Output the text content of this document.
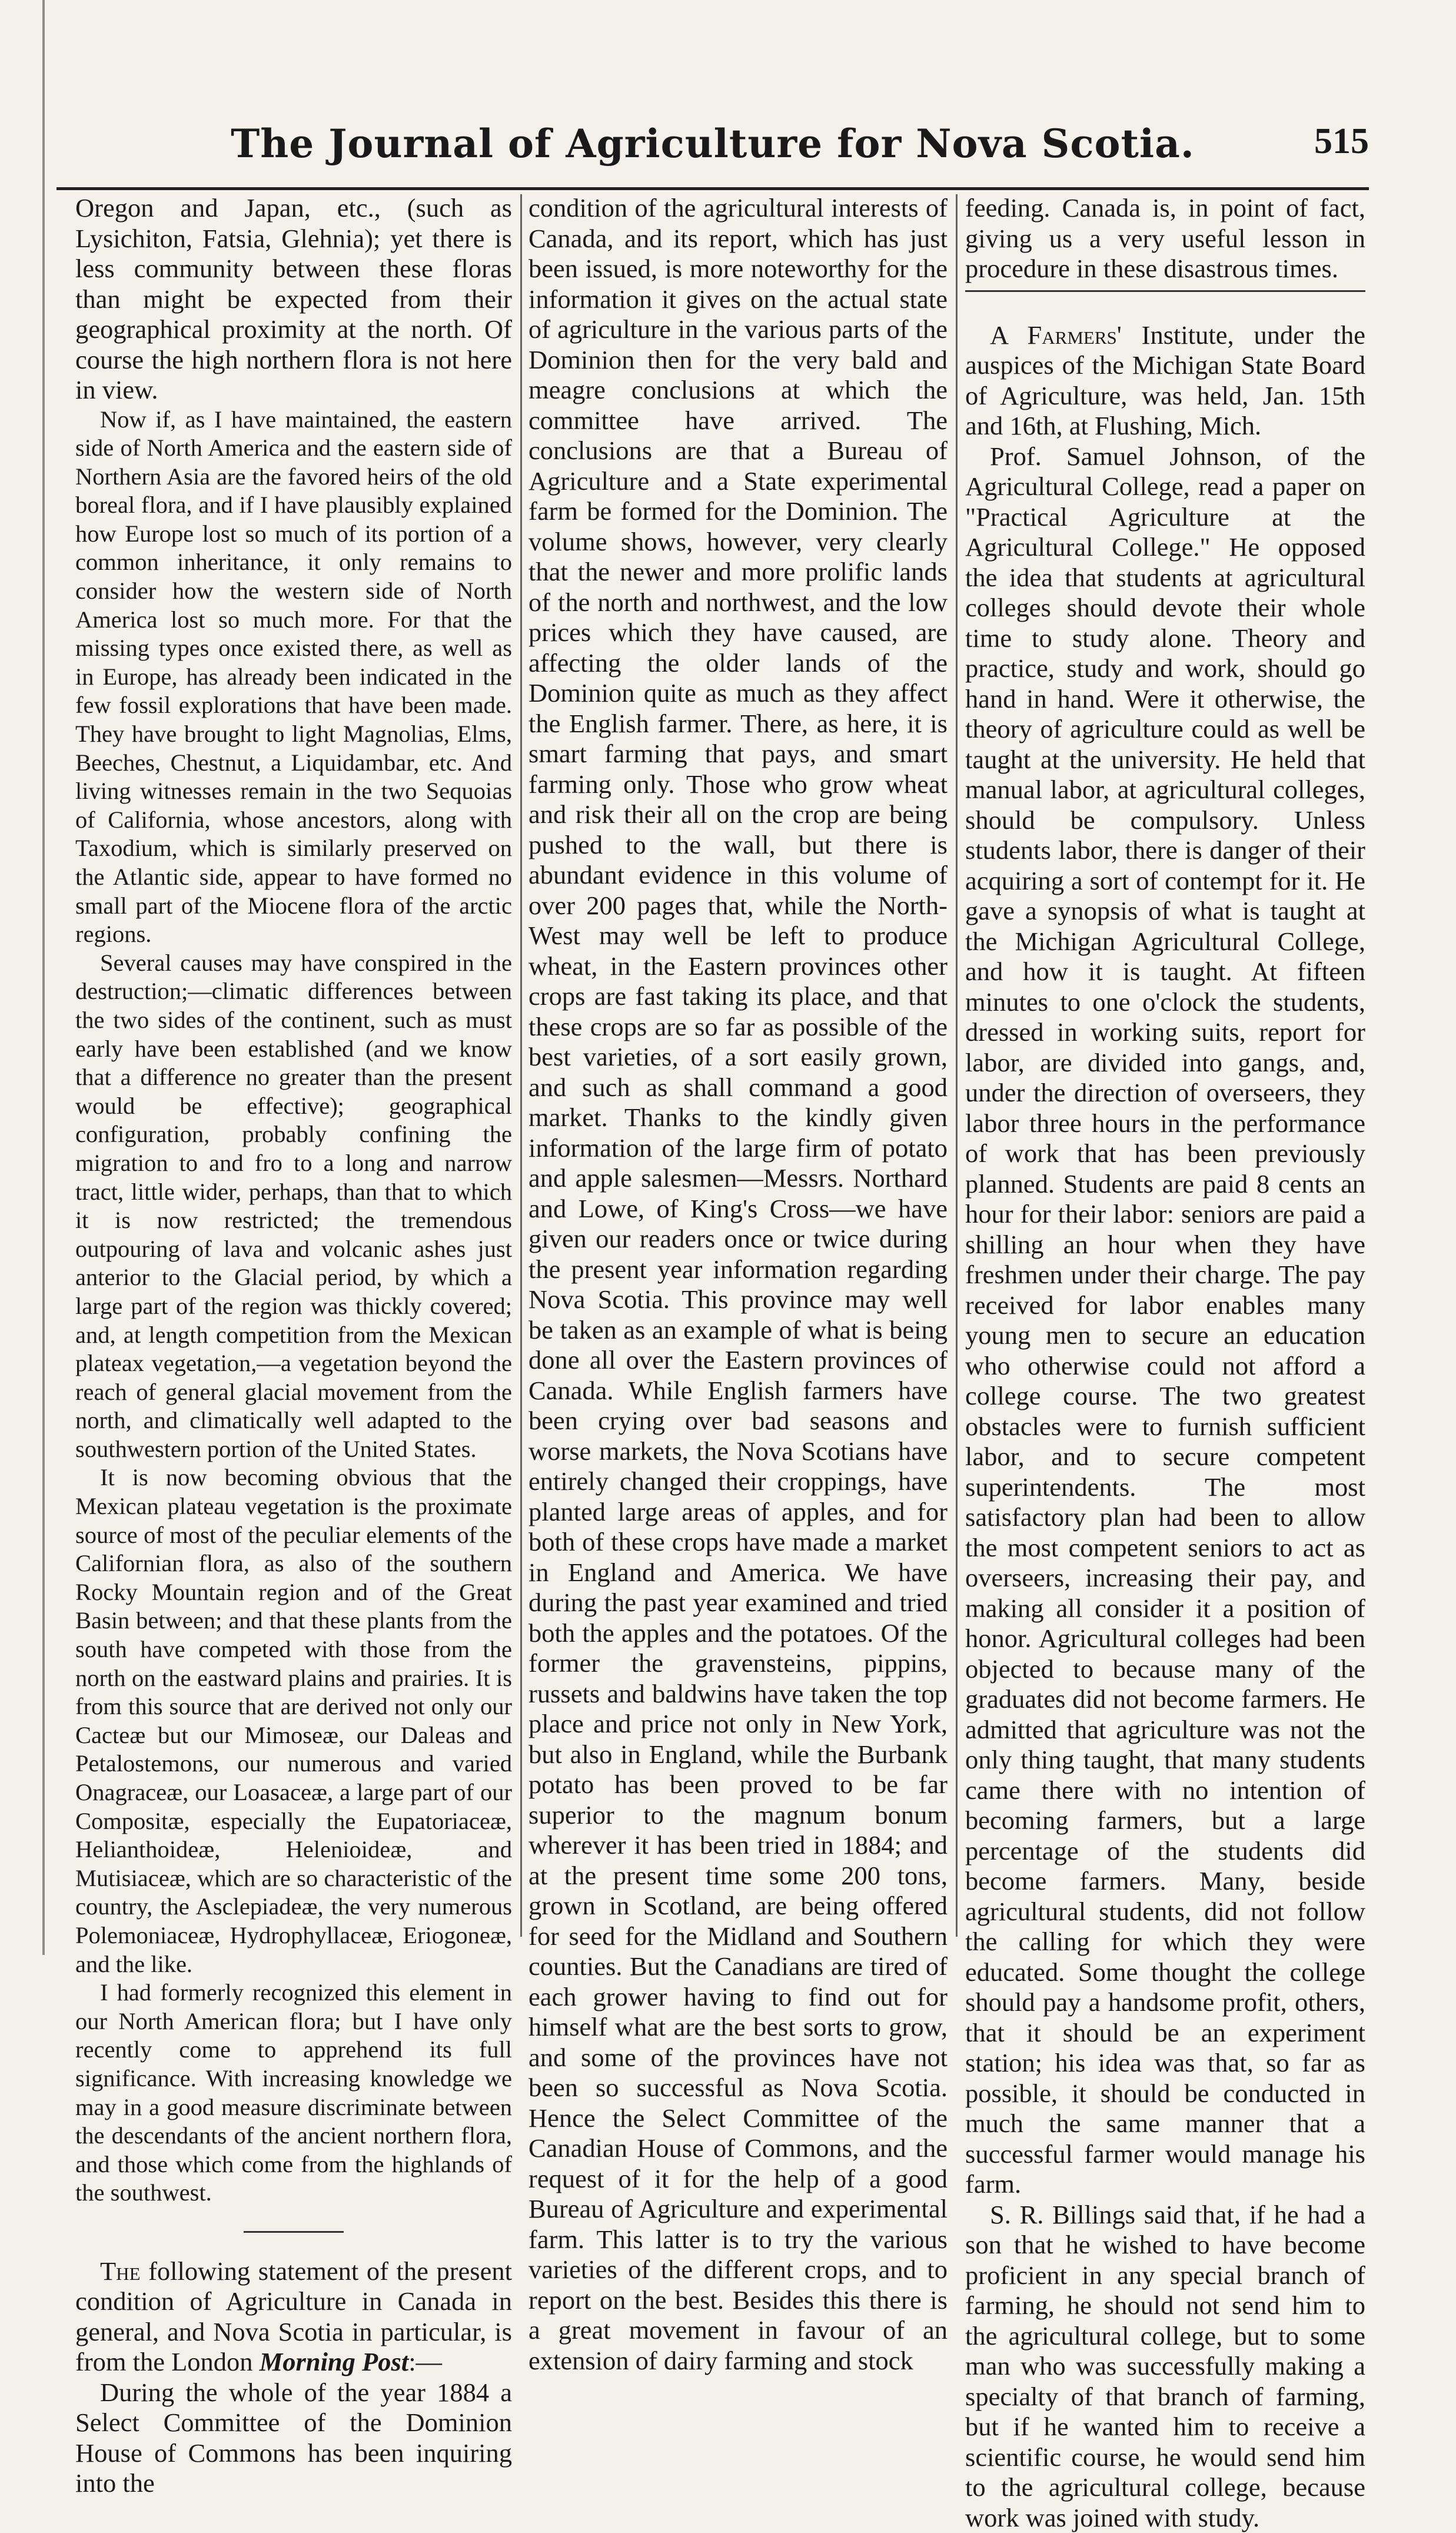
The Journal of Agriculture for Nova Scotia.	515

Oregon and Japan, etc., (such as Lysichiton, Fatsia, Glehnia); yet there is less community between these floras than might be expected from their geographical proximity at the north. Of course the high northern flora is not here in view.

Now if, as I have maintained, the eastern side of North America and the eastern side of Northern Asia are the favored heirs of the old boreal flora, and if I have plausibly explained how Europe lost so much of its portion of a common inheritance, it only remains to consider how the western side of North America lost so much more. For that the missing types once existed there, as well as in Europe, has already been indicated in the few fossil explorations that have been made. They have brought to light Magnolias, Elms, Beeches, Chestnut, a Liquidambar, etc. And living witnesses remain in the two Sequoias of California, whose ancestors, along with Taxodium, which is similarly preserved on the Atlantic side, appear to have formed no small part of the Miocene flora of the arctic regions.

Several causes may have conspired in the destruction;—climatic differences between the two sides of the continent, such as must early have been established (and we know that a difference no greater than the present would be effective); geographical configuration, probably confining the migration to and fro to a long and narrow tract, little wider, perhaps, than that to which it is now restricted; the tremendous outpouring of lava and volcanic ashes just anterior to the Glacial period, by which a large part of the region was thickly covered; and, at length competition from the Mexican plateax vegetation,—a vegetation beyond the reach of general glacial movement from the north, and climatically well adapted to the southwestern portion of the United States.

It is now becoming obvious that the Mexican plateau vegetation is the proximate source of most of the peculiar elements of the Californian flora, as also of the southern Rocky Mountain region and of the Great Basin between; and that these plants from the south have competed with those from the north on the eastward plains and prairies. It is from this source that are derived not only our Cacteæ but our Mimoseæ, our Daleas and Petalostemons, our numerous and varied Onagraceæ, our Loasaceæ, a large part of our Compositæ, especially the Eupatoriaceæ, Helianthoideæ, Helenioideæ, and Mutisiaceæ, which are so characteristic of the country, the Asclepiadeæ, the very numerous Polemoniaceæ, Hydrophyllaceæ, Eriogoneæ, and the like.

I had formerly recognized this element in our North American flora; but I have only recently come to apprehend its full significance. With increasing knowledge we may in a good measure discriminate between the descendants of the ancient northern flora, and those which come from the highlands of the southwest.

The following statement of the present condition of Agriculture in Canada in general, and Nova Scotia in particular, is from the London Morning Post:—

During the whole of the year 1884 a Select Committee of the Dominion House of Commons has been inquiring into the

condition of the agricultural interests of Canada, and its report, which has just been issued, is more noteworthy for the information it gives on the actual state of agriculture in the various parts of the Dominion then for the very bald and meagre conclusions at which the committee have arrived. The conclusions are that a Bureau of Agriculture and a State experimental farm be formed for the Dominion. The volume shows, however, very clearly that the newer and more prolific lands of the north and northwest, and the low prices which they have caused, are affecting the older lands of the Dominion quite as much as they affect the English farmer. There, as here, it is smart farming that pays, and smart farming only. Those who grow wheat and risk their all on the crop are being pushed to the wall, but there is abundant evidence in this volume of over 200 pages that, while the North-West may well be left to produce wheat, in the Eastern provinces other crops are fast taking its place, and that these crops are so far as possible of the best varieties, of a sort easily grown, and such as shall command a good market. Thanks to the kindly given information of the large firm of potato and apple salesmen—Messrs. Northard and Lowe, of King's Cross—we have given our readers once or twice during the present year information regarding Nova Scotia. This province may well be taken as an example of what is being done all over the Eastern provinces of Canada. While English farmers have been crying over bad seasons and worse markets, the Nova Scotians have entirely changed their croppings, have planted large areas of apples, and for both of these crops have made a market in England and America. We have during the past year examined and tried both the apples and the potatoes. Of the former the gravensteins, pippins, russets and baldwins have taken the top place and price not only in New York, but also in England, while the Burbank potato has been proved to be far superior to the magnum bonum wherever it has been tried in 1884; and at the present time some 200 tons, grown in Scotland, are being offered for seed for the Midland and Southern counties. But the Canadians are tired of each grower having to find out for himself what are the best sorts to grow, and some of the provinces have not been so successful as Nova Scotia. Hence the Select Committee of the Canadian House of Commons, and the request of it for the help of a good Bureau of Agriculture and experimental farm. This latter is to try the various varieties of the different crops, and to report on the best. Besides this there is a great movement in favour of an extension of dairy farming and stock

feeding. Canada is, in point of fact, giving us a very useful lesson in procedure in these disastrous times.

A Farmers' Institute, under the auspices of the Michigan State Board of Agriculture, was held, Jan. 15th and 16th, at Flushing, Mich.

Prof. Samuel Johnson, of the Agricultural College, read a paper on "Practical Agriculture at the Agricultural College." He opposed the idea that students at agricultural colleges should devote their whole time to study alone. Theory and practice, study and work, should go hand in hand. Were it otherwise, the theory of agriculture could as well be taught at the university. He held that manual labor, at agricultural colleges, should be compulsory. Unless students labor, there is danger of their acquiring a sort of contempt for it. He gave a synopsis of what is taught at the Michigan Agricultural College, and how it is taught. At fifteen minutes to one o'clock the students, dressed in working suits, report for labor, are divided into gangs, and, under the direction of overseers, they labor three hours in the performance of work that has been previously planned. Students are paid 8 cents an hour for their labor: seniors are paid a shilling an hour when they have freshmen under their charge. The pay received for labor enables many young men to secure an education who otherwise could not afford a college course. The two greatest obstacles were to furnish sufficient labor, and to secure competent superintendents. The most satisfactory plan had been to allow the most competent seniors to act as overseers, increasing their pay, and making all consider it a position of honor. Agricultural colleges had been objected to because many of the graduates did not become farmers. He admitted that agriculture was not the only thing taught, that many students came there with no intention of becoming farmers, but a large percentage of the students did become farmers. Many, beside agricultural students, did not follow the calling for which they were educated. Some thought the college should pay a handsome profit, others, that it should be an experiment station; his idea was that, so far as possible, it should be conducted in much the same manner that a successful farmer would manage his farm.

S. R. Billings said that, if he had a son that he wished to have become proficient in any special branch of farming, he should not send him to the agricultural college, but to some man who was successfully making a specialty of that branch of farming, but if he wanted him to receive a scientific course, he would send him to the agricultural college, because work was joined with study.
